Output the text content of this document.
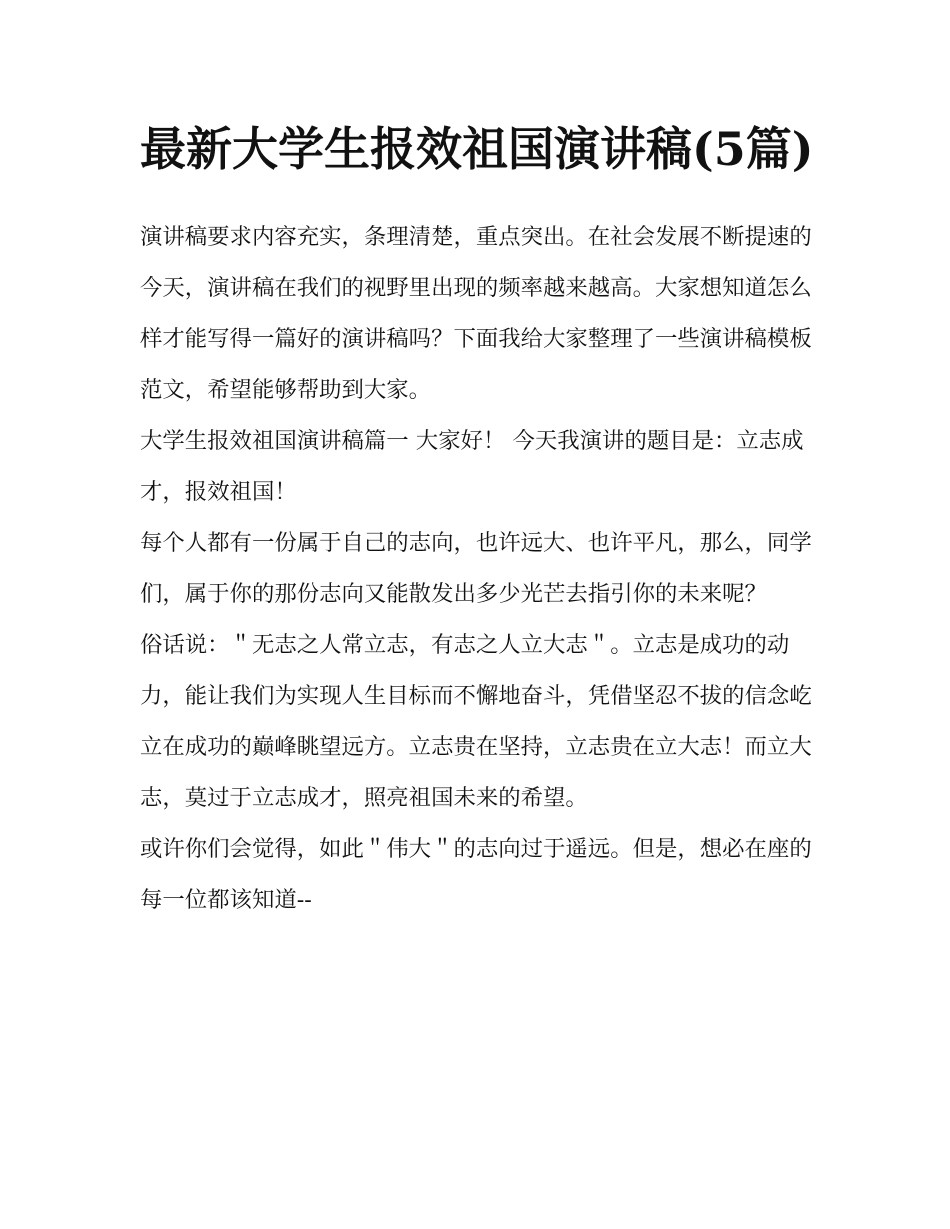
最新大学生报效祖国演讲稿(5篇)

演讲稿要求内容充实，条理清楚，重点突出。在社会发展不断提速的今天，演讲稿在我们的视野里出现的频率越来越高。大家想知道怎么样才能写得一篇好的演讲稿吗？下面我给大家整理了一些演讲稿模板范文，希望能够帮助到大家。

大学生报效祖国演讲稿篇一 大家好！ 今天我演讲的题目是：立志成才，报效祖国！

每个人都有一份属于自己的志向，也许远大、也许平凡，那么，同学们，属于你的那份志向又能散发出多少光芒去指引你的未来呢？

俗话说：＂无志之人常立志，有志之人立大志＂。立志是成功的动力，能让我们为实现人生目标而不懈地奋斗，凭借坚忍不拔的信念屹立在成功的巅峰眺望远方。立志贵在坚持，立志贵在立大志！而立大志，莫过于立志成才，照亮祖国未来的希望。

或许你们会觉得，如此＂伟大＂的志向过于遥远。但是，想必在座的每一位都该知道--
